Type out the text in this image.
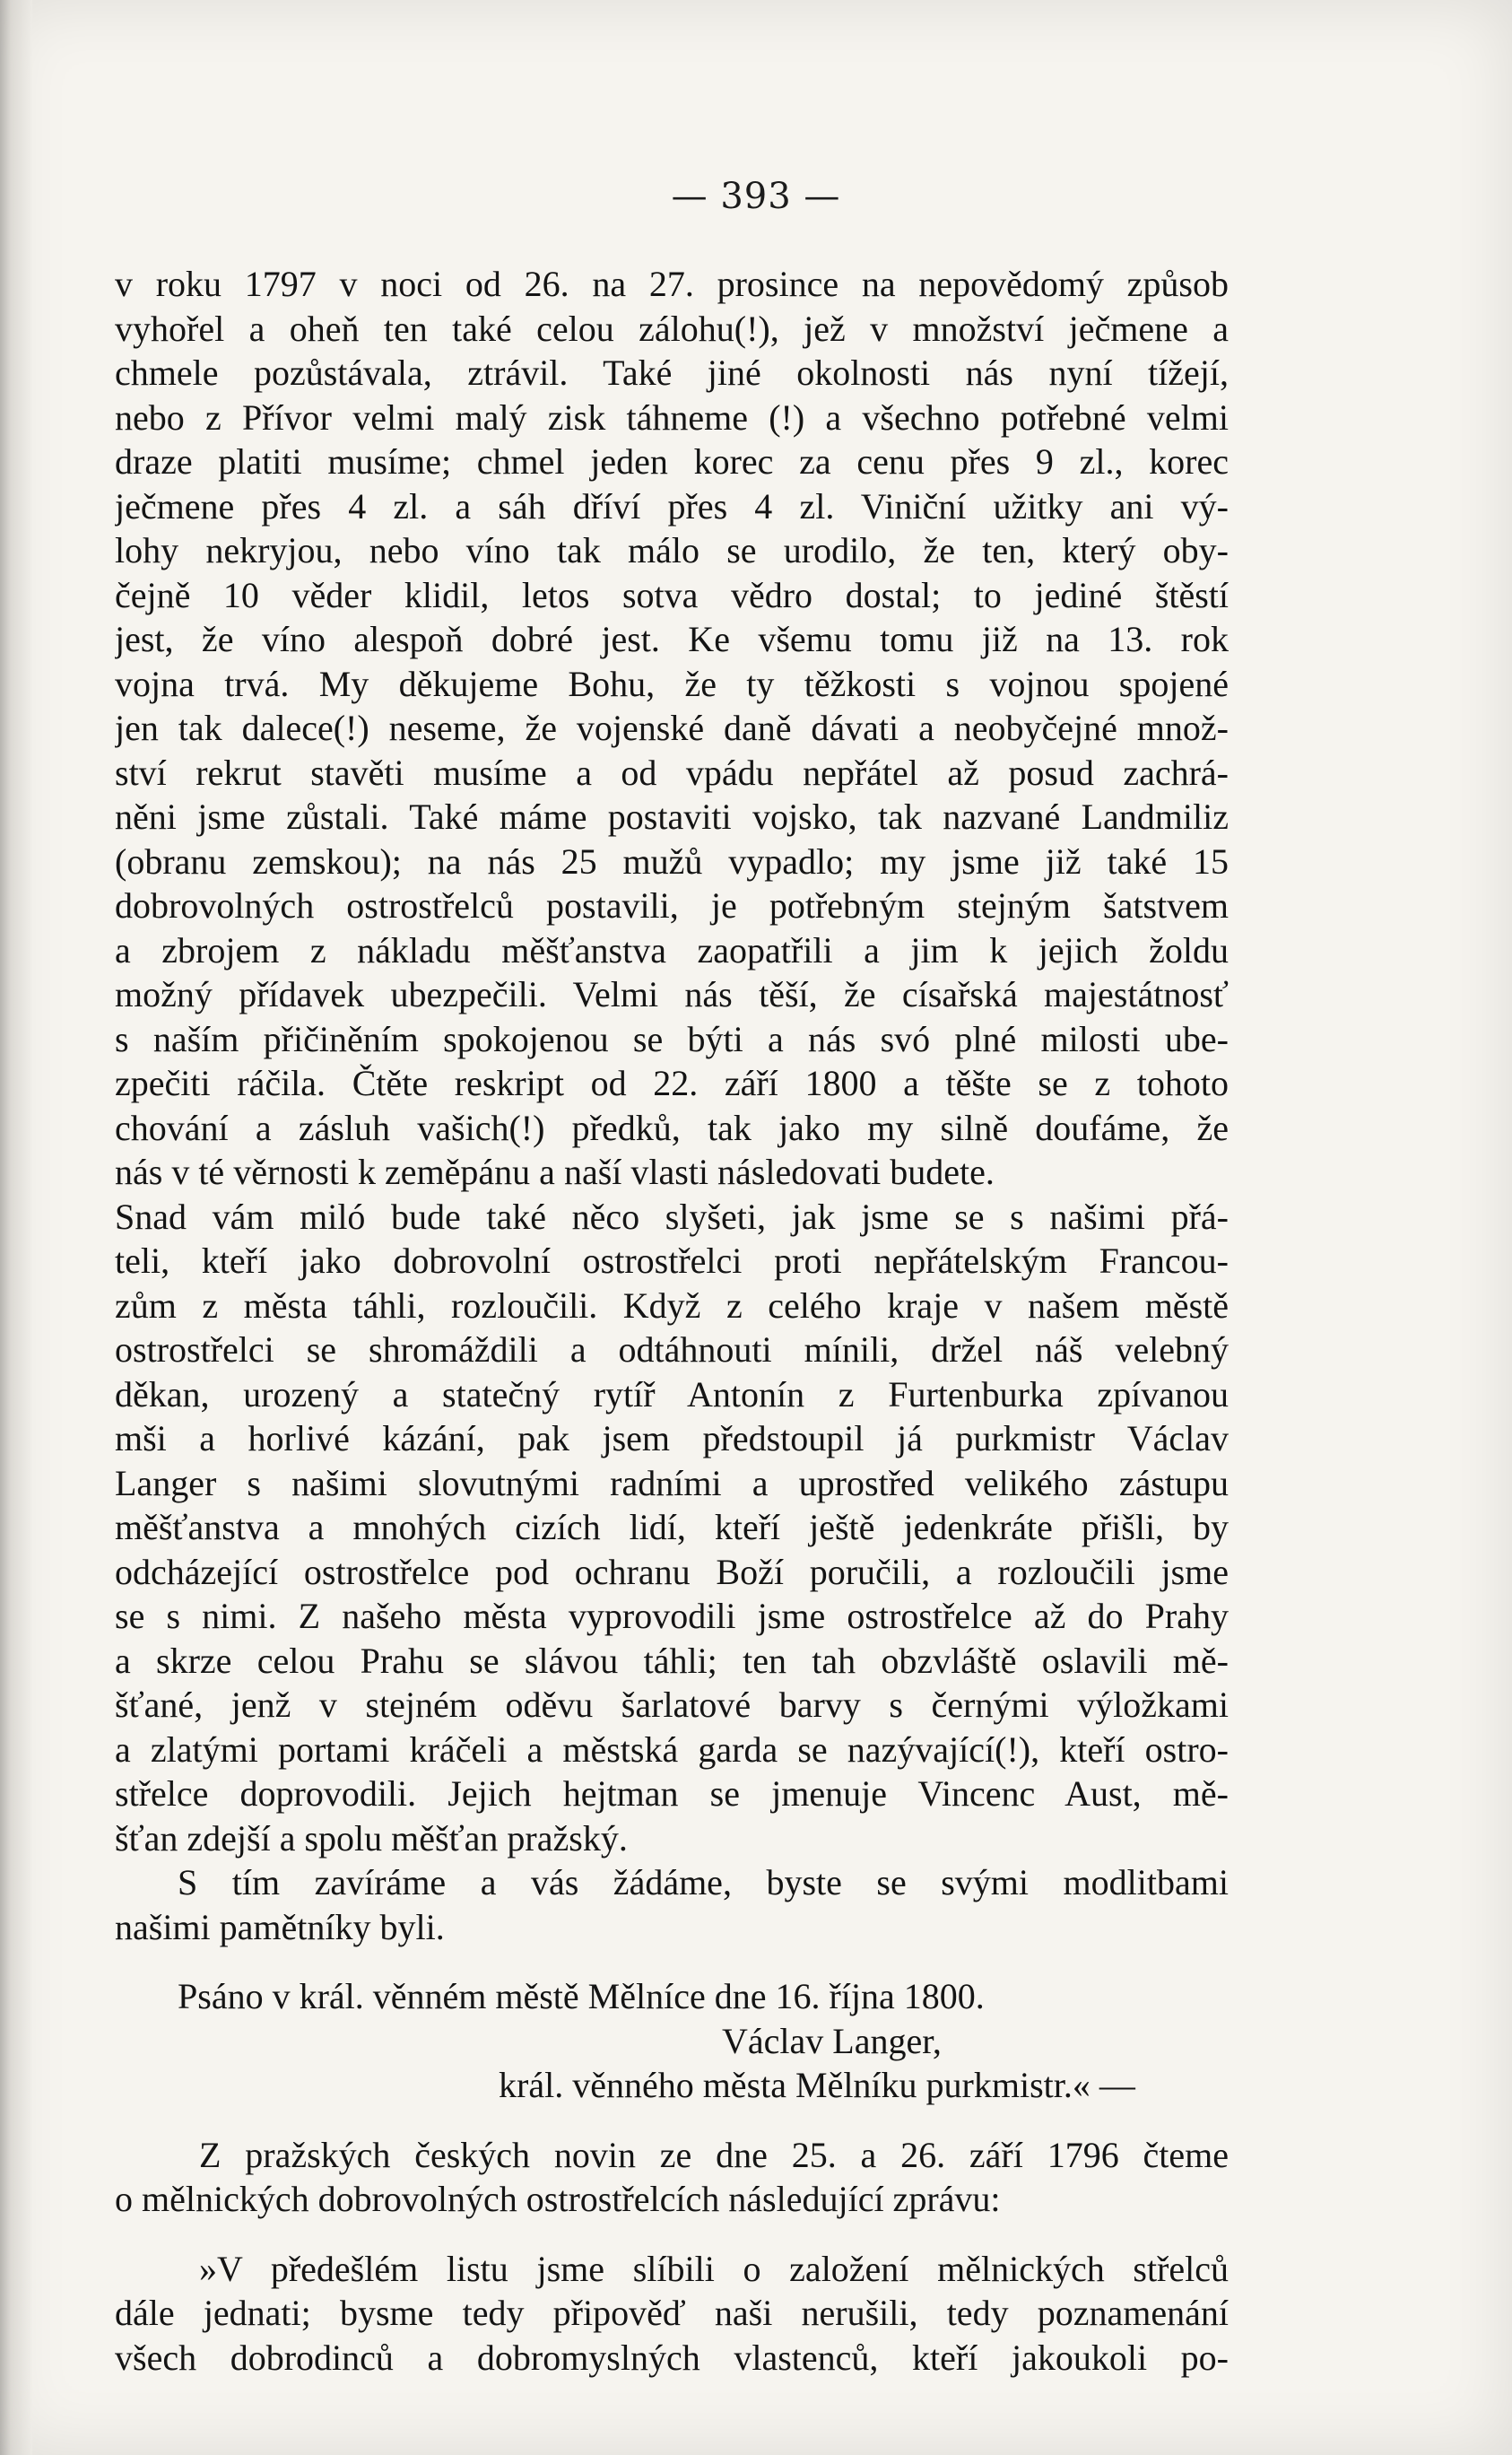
— 393 —
v roku 1797 v noci od 26. na 27. prosince na nepovědomý způsob
vyhořel a oheň ten také celou zálohu(!), jež v množství ječmene a
chmele pozůstávala, ztrávil. Také jiné okolnosti nás nyní tížejí,
nebo z Přívor velmi malý zisk táhneme (!) a všechno potřebné velmi
draze platiti musíme; chmel jeden korec za cenu přes 9 zl., korec
ječmene přes 4 zl. a sáh dříví přes 4 zl. Viniční užitky ani vý-
lohy nekryjou, nebo víno tak málo se urodilo, že ten, který oby-
čejně 10 věder klidil, letos sotva vědro dostal; to jediné štěstí
jest, že víno alespoň dobré jest. Ke všemu tomu již na 13. rok
vojna trvá. My děkujeme Bohu, že ty těžkosti s vojnou spojené
jen tak dalece(!) neseme, že vojenské daně dávati a neobyčejné množ-
ství rekrut stavěti musíme a od vpádu nepřátel až posud zachrá-
něni jsme zůstali. Také máme postaviti vojsko, tak nazvané Landmiliz
(obranu zemskou); na nás 25 mužů vypadlo; my jsme již také 15
dobrovolných ostrostřelců postavili, je potřebným stejným šatstvem
a zbrojem z nákladu měšťanstva zaopatřili a jim k jejich žoldu
možný přídavek ubezpečili. Velmi nás těší, že císařská majestátnosť
s naším přičiněním spokojenou se býti a nás svó plné milosti ube-
zpečiti ráčila. Čtěte reskript od 22. září 1800 a těšte se z tohoto
chování a zásluh vašich(!) předků, tak jako my silně doufáme, že
nás v té věrnosti k zeměpánu a naší vlasti následovati budete.
Snad vám miló bude také něco slyšeti, jak jsme se s našimi přá-
teli, kteří jako dobrovolní ostrostřelci proti nepřátelským Francou-
zům z města táhli, rozloučili. Když z celého kraje v našem městě
ostrostřelci se shromáždili a odtáhnouti mínili, držel náš velebný
děkan, urozený a statečný rytíř Antonín z Furtenburka zpívanou
mši a horlivé kázání, pak jsem předstoupil já purkmistr Václav
Langer s našimi slovutnými radními a uprostřed velikého zástupu
měšťanstva a mnohých cizích lidí, kteří ještě jedenkráte přišli, by
odcházející ostrostřelce pod ochranu Boží poručili, a rozloučili jsme
se s nimi. Z našeho města vyprovodili jsme ostrostřelce až do Prahy
a skrze celou Prahu se slávou táhli; ten tah obzvláště oslavili mě-
šťané, jenž v stejném oděvu šarlatové barvy s černými výložkami
a zlatými portami kráčeli a městská garda se nazývající(!), kteří ostro-
střelce doprovodili. Jejich hejtman se jmenuje Vincenc Aust, mě-
šťan zdejší a spolu měšťan pražský.
S tím zavíráme a vás žádáme, byste se svými modlitbami
našimi pamětníky byli.
Psáno v král. věnném městě Mělníce dne 16. října 1800.
Václav Langer,
král. věnného města Mělníku purkmistr.« —
Z pražských českých novin ze dne 25. a 26. září 1796 čteme
o mělnických dobrovolných ostrostřelcích následující zprávu:
»V předešlém listu jsme slíbili o založení mělnických střelců
dále jednati; bysme tedy připověď naši nerušili, tedy poznamenání
všech dobrodinců a dobromyslných vlastenců, kteří jakoukoli po-
